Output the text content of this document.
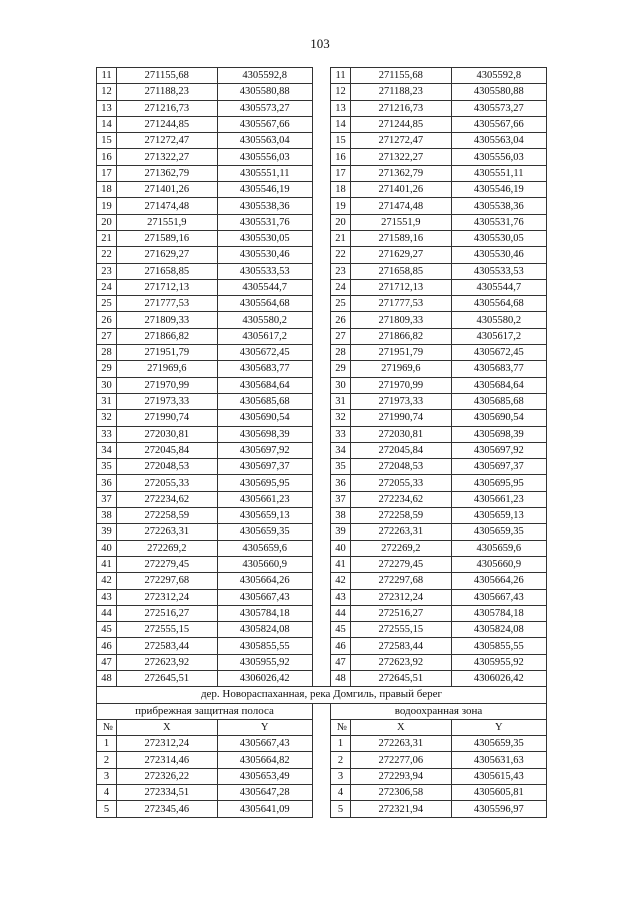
103
11	271155,68	4305592,8		11	271155,68	4305592,8
12	271188,23	4305580,88		12	271188,23	4305580,88
13	271216,73	4305573,27		13	271216,73	4305573,27
14	271244,85	4305567,66		14	271244,85	4305567,66
15	271272,47	4305563,04		15	271272,47	4305563,04
16	271322,27	4305556,03		16	271322,27	4305556,03
17	271362,79	4305551,11		17	271362,79	4305551,11
18	271401,26	4305546,19		18	271401,26	4305546,19
19	271474,48	4305538,36		19	271474,48	4305538,36
20	271551,9	4305531,76		20	271551,9	4305531,76
21	271589,16	4305530,05		21	271589,16	4305530,05
22	271629,27	4305530,46		22	271629,27	4305530,46
23	271658,85	4305533,53		23	271658,85	4305533,53
24	271712,13	4305544,7		24	271712,13	4305544,7
25	271777,53	4305564,68		25	271777,53	4305564,68
26	271809,33	4305580,2		26	271809,33	4305580,2
27	271866,82	4305617,2		27	271866,82	4305617,2
28	271951,79	4305672,45		28	271951,79	4305672,45
29	271969,6	4305683,77		29	271969,6	4305683,77
30	271970,99	4305684,64		30	271970,99	4305684,64
31	271973,33	4305685,68		31	271973,33	4305685,68
32	271990,74	4305690,54		32	271990,74	4305690,54
33	272030,81	4305698,39		33	272030,81	4305698,39
34	272045,84	4305697,92		34	272045,84	4305697,92
35	272048,53	4305697,37		35	272048,53	4305697,37
36	272055,33	4305695,95		36	272055,33	4305695,95
37	272234,62	4305661,23		37	272234,62	4305661,23
38	272258,59	4305659,13		38	272258,59	4305659,13
39	272263,31	4305659,35		39	272263,31	4305659,35
40	272269,2	4305659,6		40	272269,2	4305659,6
41	272279,45	4305660,9		41	272279,45	4305660,9
42	272297,68	4305664,26		42	272297,68	4305664,26
43	272312,24	4305667,43		43	272312,24	4305667,43
44	272516,27	4305784,18		44	272516,27	4305784,18
45	272555,15	4305824,08		45	272555,15	4305824,08
46	272583,44	4305855,55		46	272583,44	4305855,55
47	272623,92	4305955,92		47	272623,92	4305955,92
48	272645,51	4306026,42		48	272645,51	4306026,42
дер. Новораспаханная, река Домгиль, правый берег						
прибрежная защитная полоса				водоохранная зона		
№	X	Y		№	X	Y
1	272312,24	4305667,43		1	272263,31	4305659,35
2	272314,46	4305664,82		2	272277,06	4305631,63
3	272326,22	4305653,49		3	272293,94	4305615,43
4	272334,51	4305647,28		4	272306,58	4305605,81
5	272345,46	4305641,09		5	272321,94	4305596,97
